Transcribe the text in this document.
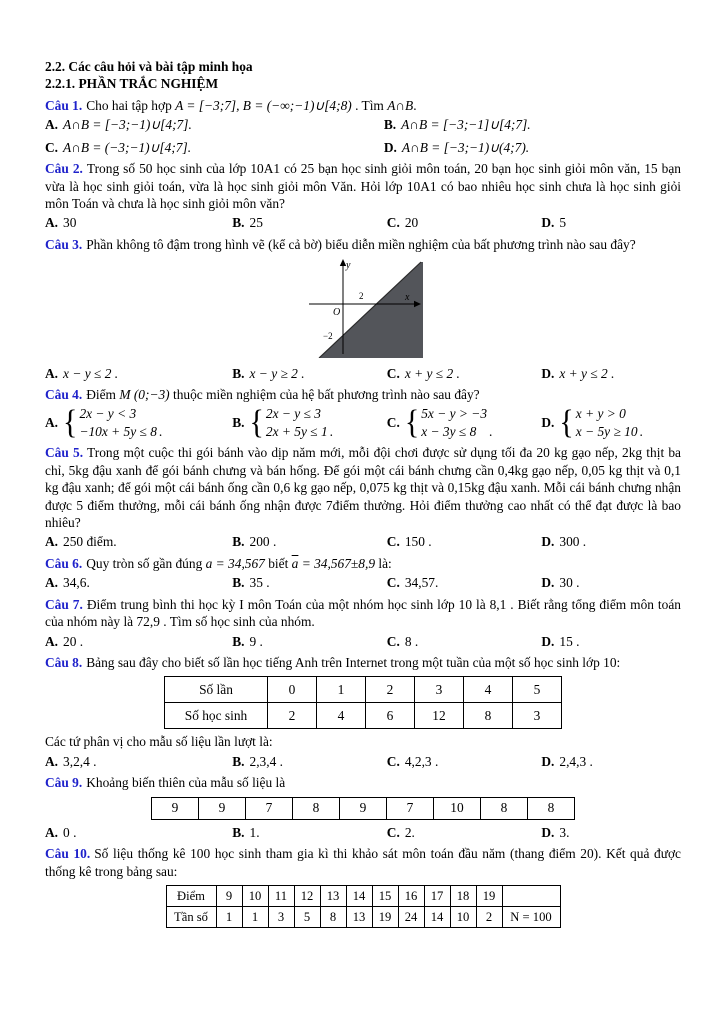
2.2. Các câu hỏi và bài tập minh họa
2.2.1. PHẦN TRẮC NGHIỆM
Câu 1. Cho hai tập hợp A = [−3;7], B = (−∞;−1)∪[4;8) . Tìm A∩B.
A. A∩B = [−3;−1)∪[4;7].	B. A∩B = [−3;−1]∪[4;7].
C. A∩B = (−3;−1)∪[4;7].	D. A∩B = [−3;−1)∪(4;7).
Câu 2. Trong số 50 học sinh của lớp 10A1 có 25 bạn học sinh giỏi môn toán, 20 bạn học sinh giỏi môn văn, 15 bạn vừa là học sinh giỏi toán, vừa là học sinh giỏi môn Văn. Hỏi lớp 10A1 có bao nhiêu học sinh chưa là học sinh giỏi môn Toán và chưa là học sinh giỏi môn văn?
A. 30	B. 25	C. 20	D. 5
Câu 3. Phần không tô đậm trong hình vẽ (kể cả bờ) biểu diễn miền nghiệm của bất phương trình nào sau đây?
y
x
O
2
−2
A. x − y ≤ 2 .	B. x − y ≥ 2 .	C. x + y ≤ 2 .	D. x + y ≤ 2 .
Câu 4. Điểm M (0;−3) thuộc miền nghiệm của hệ bất phương trình nào sau đây?
A. { 2x − y < 3
−10x + 5y ≤ 8 .
B. { 2x − y ≤ 3
2x + 5y ≤ 1 .
C. { 5x − y > −3
x − 3y ≤ 8 .
D. { x + y > 0
x − 5y ≥ 10 .
Câu 5. Trong một cuộc thi gói bánh vào dịp năm mới, mỗi đội chơi được sử dụng tối đa 20 kg gạo nếp, 2kg thịt ba chỉ, 5kg đậu xanh để gói bánh chưng và bán hống. Để gói một cái bánh chưng cần 0,4kg gạo nếp, 0,05 kg thịt và 0,1 kg đậu xanh; để gói một cái bánh ống cần 0,6 kg gạo nếp, 0,075 kg thịt và 0,15kg đậu xanh. Mỗi cái bánh chưng nhận được 5 điểm thưởng, mỗi cái bánh ống nhận được 7điểm thưởng. Hỏi điểm thưởng cao nhất có thể đạt được là bao nhiêu?
A. 250 điểm.	B. 200 .	C. 150 .	D. 300 .
Câu 6. Quy tròn số gần đúng a = 34,567 biết $\overline{a} = 34,567\pm 8,9$ là:
A. 34,6.	B. 35 .	C. 34,57.	D. 30 .
Câu 7. Điểm trung bình thi học kỳ I môn Toán của một nhóm học sinh lớp 10 là 8,1 . Biết rằng tổng điểm môn toán của nhóm này là 72,9 . Tìm số học sinh của nhóm.
A. 20 .	B. 9 .	C. 8 .	D. 15 .
Câu 8. Bảng sau đây cho biết số lần học tiếng Anh trên Internet trong một tuần của một số học sinh lớp 10:
Số lần	0	1	2	3	4	5
Số học sinh	2	4	6	12	8	3
Các tứ phân vị cho mẫu số liệu lần lượt là:
A. 3,2,4 .	B. 2,3,4 .	C. 4,2,3 .	D. 2,4,3 .
Câu 9. Khoảng biến thiên của mẫu số liệu là
9	9	7	8	9	7	10	8	8
A. 0 .	B. 1.	C. 2.	D. 3.
Câu 10. Số liệu thống kê 100 học sinh tham gia kì thi khảo sát môn toán đầu năm (thang điểm 20). Kết quả được thống kê trong bảng sau:
Điểm	9	10	11	12	13	14	15	16	17	18	19	
Tần số	1	1	3	5	8	13	19	24	14	10	2	N = 100
